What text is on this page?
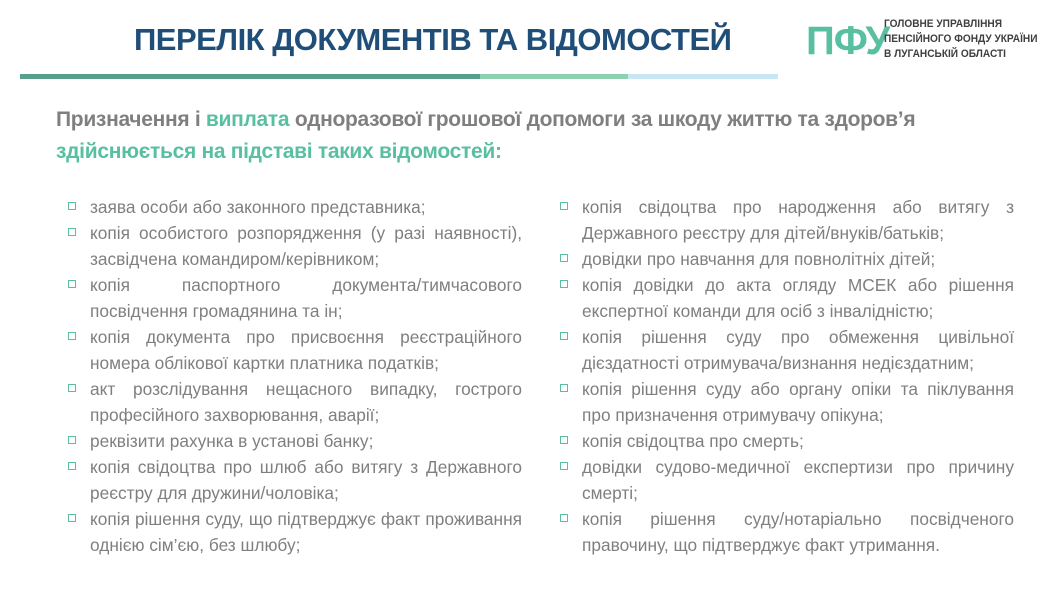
ПЕРЕЛІК ДОКУМЕНТІВ ТА ВІДОМОСТЕЙ ПФУ
ГОЛОВНЕ УПРАВЛІННЯ
ПЕНСІЙНОГО ФОНДУ УКРАЇНИ
В ЛУГАНСЬКІЙ ОБЛАСТІ

Призначення і виплата одноразової грошової допомоги за шкоду життю та здоров’я
здійснюється на підставі таких відомостей:

заява особи або законного представника;
копія особистого розпорядження (у разі наявності), засвідчена командиром/керівником;
копія паспортного документа/тимчасового посвідчення громадянина та ін;
копія документа про присвоєння реєстраційного номера облікової картки платника податків;
акт розслідування нещасного випадку, гострого професійного захворювання, аварії;
реквізити рахунка в установі банку;
копія свідоцтва про шлюб або витягу з Державного реєстру для дружини/чоловіка;
копія рішення суду, що підтверджує факт проживання однією сім’єю, без шлюбу;
копія свідоцтва про народження або витягу з Державного реєстру для дітей/внуків/батьків;
довідки про навчання для повнолітніх дітей;
копія довідки до акта огляду МСЕК або рішення експертної команди для осіб з інвалідністю;
копія рішення суду про обмеження цивільної дієздатності отримувача/визнання недієздатним;
копія рішення суду або органу опіки та піклування про призначення отримувачу опікуна;
копія свідоцтва про смерть;
довідки судово-медичної експертизи про причину смерті;
копія рішення суду/нотаріально посвідченого правочину, що підтверджує факт утримання.
